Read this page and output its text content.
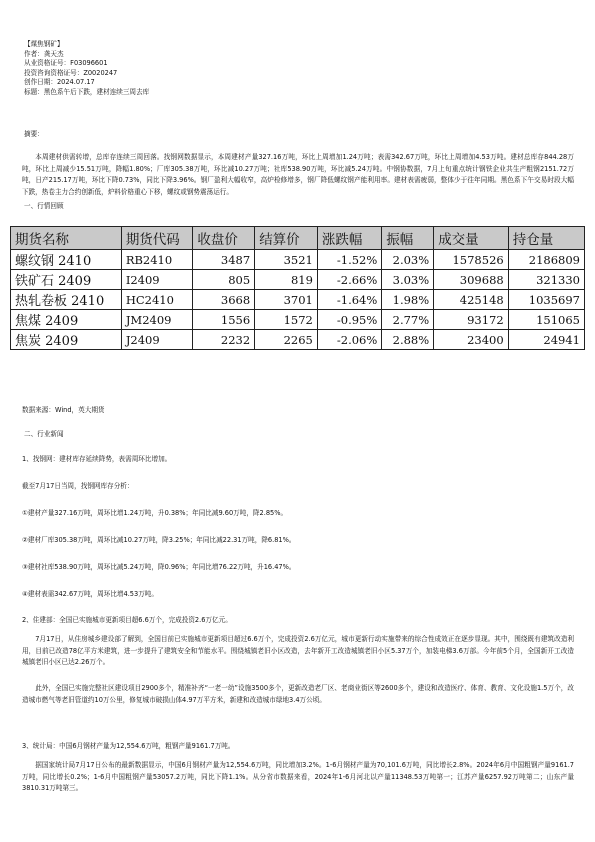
【煤焦钢矿】
作者：龚天杰
从业资格证号：F03096601
投资咨询资格证号：Z0020247
创作日期：2024.07.17
标题：黑色系午后下跌，建材连续三周去库
摘要：
本周建材供需转增，总库存连续三周回落。找钢网数据显示，本周建材产量327.16万吨，环比上周增加1.24万吨；表需342.67万吨，环比上周增加4.53万吨。建材总库存844.28万吨，环比上周减少15.51万吨，降幅1.80%；厂库305.38万吨，环比减10.27万吨；社库538.90万吨，环比减5.24万吨。中钢协数据，7月上旬重点统计钢铁企业共生产粗钢2151.72万吨，日产215.17万吨，环比下降0.73%，同比下降3.96%。钢厂盈利大幅收窄，高炉检修增多，钢厂降低螺纹钢产能利用率。建材表需疲弱，整体少于往年同期。黑色系下午交易时段大幅下跌，热卷主力合约创新低，炉料价格重心下移，螺纹或钢势震荡运行。
一、行情回顾
期货名称	期货代码	收盘价	结算价	涨跌幅	振幅	成交量	持仓量
螺纹钢 2410	RB2410	3487	3521	-1.52%	2.03%	1578526	2186809
铁矿石 2409	I2409	805	819	-2.66%	3.03%	309688	321330
热轧卷板 2410	HC2410	3668	3701	-1.64%	1.98%	425148	1035697
焦煤 2409	JM2409	1556	1572	-0.95%	2.77%	93172	151065
焦炭 2409	J2409	2232	2265	-2.06%	2.88%	23400	24941
数据来源：Wind，英大期货
二、行业新闻
1、找钢网：建材库存延续降势，表需周环比增加。
截至7月17日当周，找钢网库存分析：
①建材产量327.16万吨，周环比增1.24万吨，升0.38%；年同比减9.60万吨，降2.85%。
②建材厂库305.38万吨，周环比减10.27万吨，降3.25%；年同比减22.31万吨，降6.81%。
③建材社库538.90万吨，周环比减5.24万吨，降0.96%；年同比增76.22万吨，升16.47%。
④建材表需342.67万吨，周环比增4.53万吨。
2、住建部：全国已实施城市更新项目超6.6万个，完成投资2.6万亿元。
7月17日，从住房城乡建设部了解到，全国目前已实施城市更新项目超过6.6万个，完成投资2.6万亿元，城市更新行动实施带来的综合性成效正在逐步显现。其中，围绕既有建筑改造利用，目前已改造78亿平方米建筑，进一步提升了建筑安全和节能水平。围绕城镇老旧小区改造，去年新开工改造城镇老旧小区5.37万个，加装电梯3.6万部。今年前5个月，全国新开工改造城镇老旧小区已达2.26万个。
此外，全国已实施完整社区建设项目2900多个，精准补齐“一老一幼”设施3500多个，更新改造老厂区、老商业街区等2600多个，建设和改造医疗、体育、教育、文化设施1.5万个，改造城市燃气等老旧管道约10万公里，修复城市破损山体4.97万平方米，新建和改造城市绿地3.4万公顷。
3、统计局：中国6月钢材产量为12,554.6万吨，粗钢产量9161.7万吨。
据国家统计局7月17日公布的最新数据显示，中国6月钢材产量为12,554.6万吨，同比增加3.2%。1-6月钢材产量为70,101.6万吨，同比增长2.8%。2024年6月中国粗钢产量9161.7万吨，同比增长0.2%；1-6月中国粗钢产量53057.2万吨，同比下降1.1%。从分省市数据来看，2024年1-6月河北以产量11348.53万吨第一；江苏产量6257.92万吨第二；山东产量3810.31万吨第三。
